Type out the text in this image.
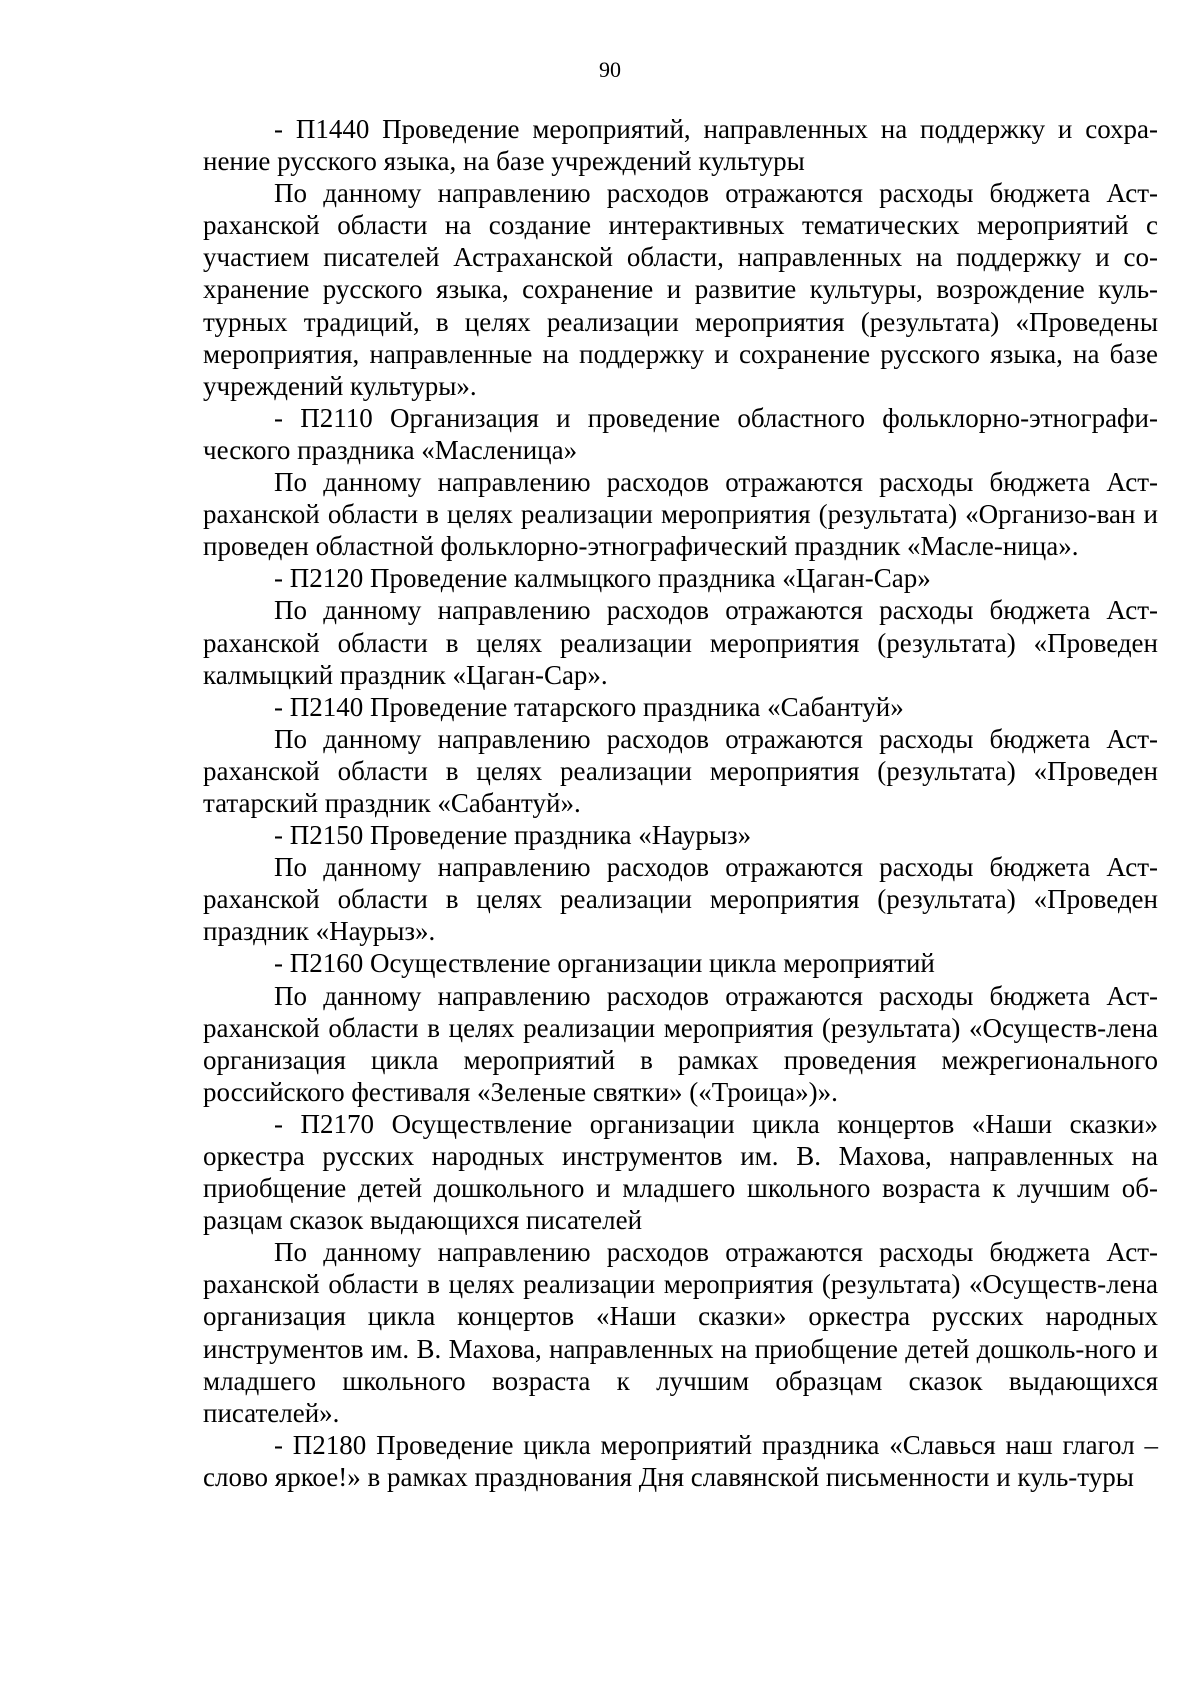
90

- П1440 Проведение мероприятий, направленных на поддержку и сохра-нение русского языка, на базе учреждений культуры

По данному направлению расходов отражаются расходы бюджета Аст-раханской области на создание интерактивных тематических мероприятий с участием писателей Астраханской области, направленных на поддержку и со-хранение русского языка, сохранение и развитие культуры, возрождение куль-турных традиций, в целях реализации мероприятия (результата) «Проведены мероприятия, направленные на поддержку и сохранение русского языка, на базе учреждений культуры».

- П2110 Организация и проведение областного фольклорно-этнографи-ческого праздника «Масленица»

По данному направлению расходов отражаются расходы бюджета Аст-раханской области в целях реализации мероприятия (результата) «Организо-ван и проведен областной фольклорно-этнографический праздник «Масле-ница».

- П2120 Проведение калмыцкого праздника «Цаган-Сар»

По данному направлению расходов отражаются расходы бюджета Аст-раханской области в целях реализации мероприятия (результата) «Проведен калмыцкий праздник «Цаган-Сар».

- П2140 Проведение татарского праздника «Сабантуй»

По данному направлению расходов отражаются расходы бюджета Аст-раханской области в целях реализации мероприятия (результата) «Проведен татарский праздник «Сабантуй».

- П2150 Проведение праздника «Наурыз»

По данному направлению расходов отражаются расходы бюджета Аст-раханской области в целях реализации мероприятия (результата) «Проведен праздник «Наурыз».

- П2160 Осуществление организации цикла мероприятий

По данному направлению расходов отражаются расходы бюджета Аст-раханской области в целях реализации мероприятия (результата) «Осуществ-лена организация цикла мероприятий в рамках проведения межрегионального российского фестиваля «Зеленые святки» («Троица»)».

- П2170 Осуществление организации цикла концертов «Наши сказки» оркестра русских народных инструментов им. В. Махова, направленных на приобщение детей дошкольного и младшего школьного возраста к лучшим об-разцам сказок выдающихся писателей

По данному направлению расходов отражаются расходы бюджета Аст-раханской области в целях реализации мероприятия (результата) «Осуществ-лена организация цикла концертов «Наши сказки» оркестра русских народных инструментов им. В. Махова, направленных на приобщение детей дошколь-ного и младшего школьного возраста к лучшим образцам сказок выдающихся писателей».

- П2180 Проведение цикла мероприятий праздника «Славься наш глагол – слово яркое!» в рамках празднования Дня славянской письменности и куль-туры
